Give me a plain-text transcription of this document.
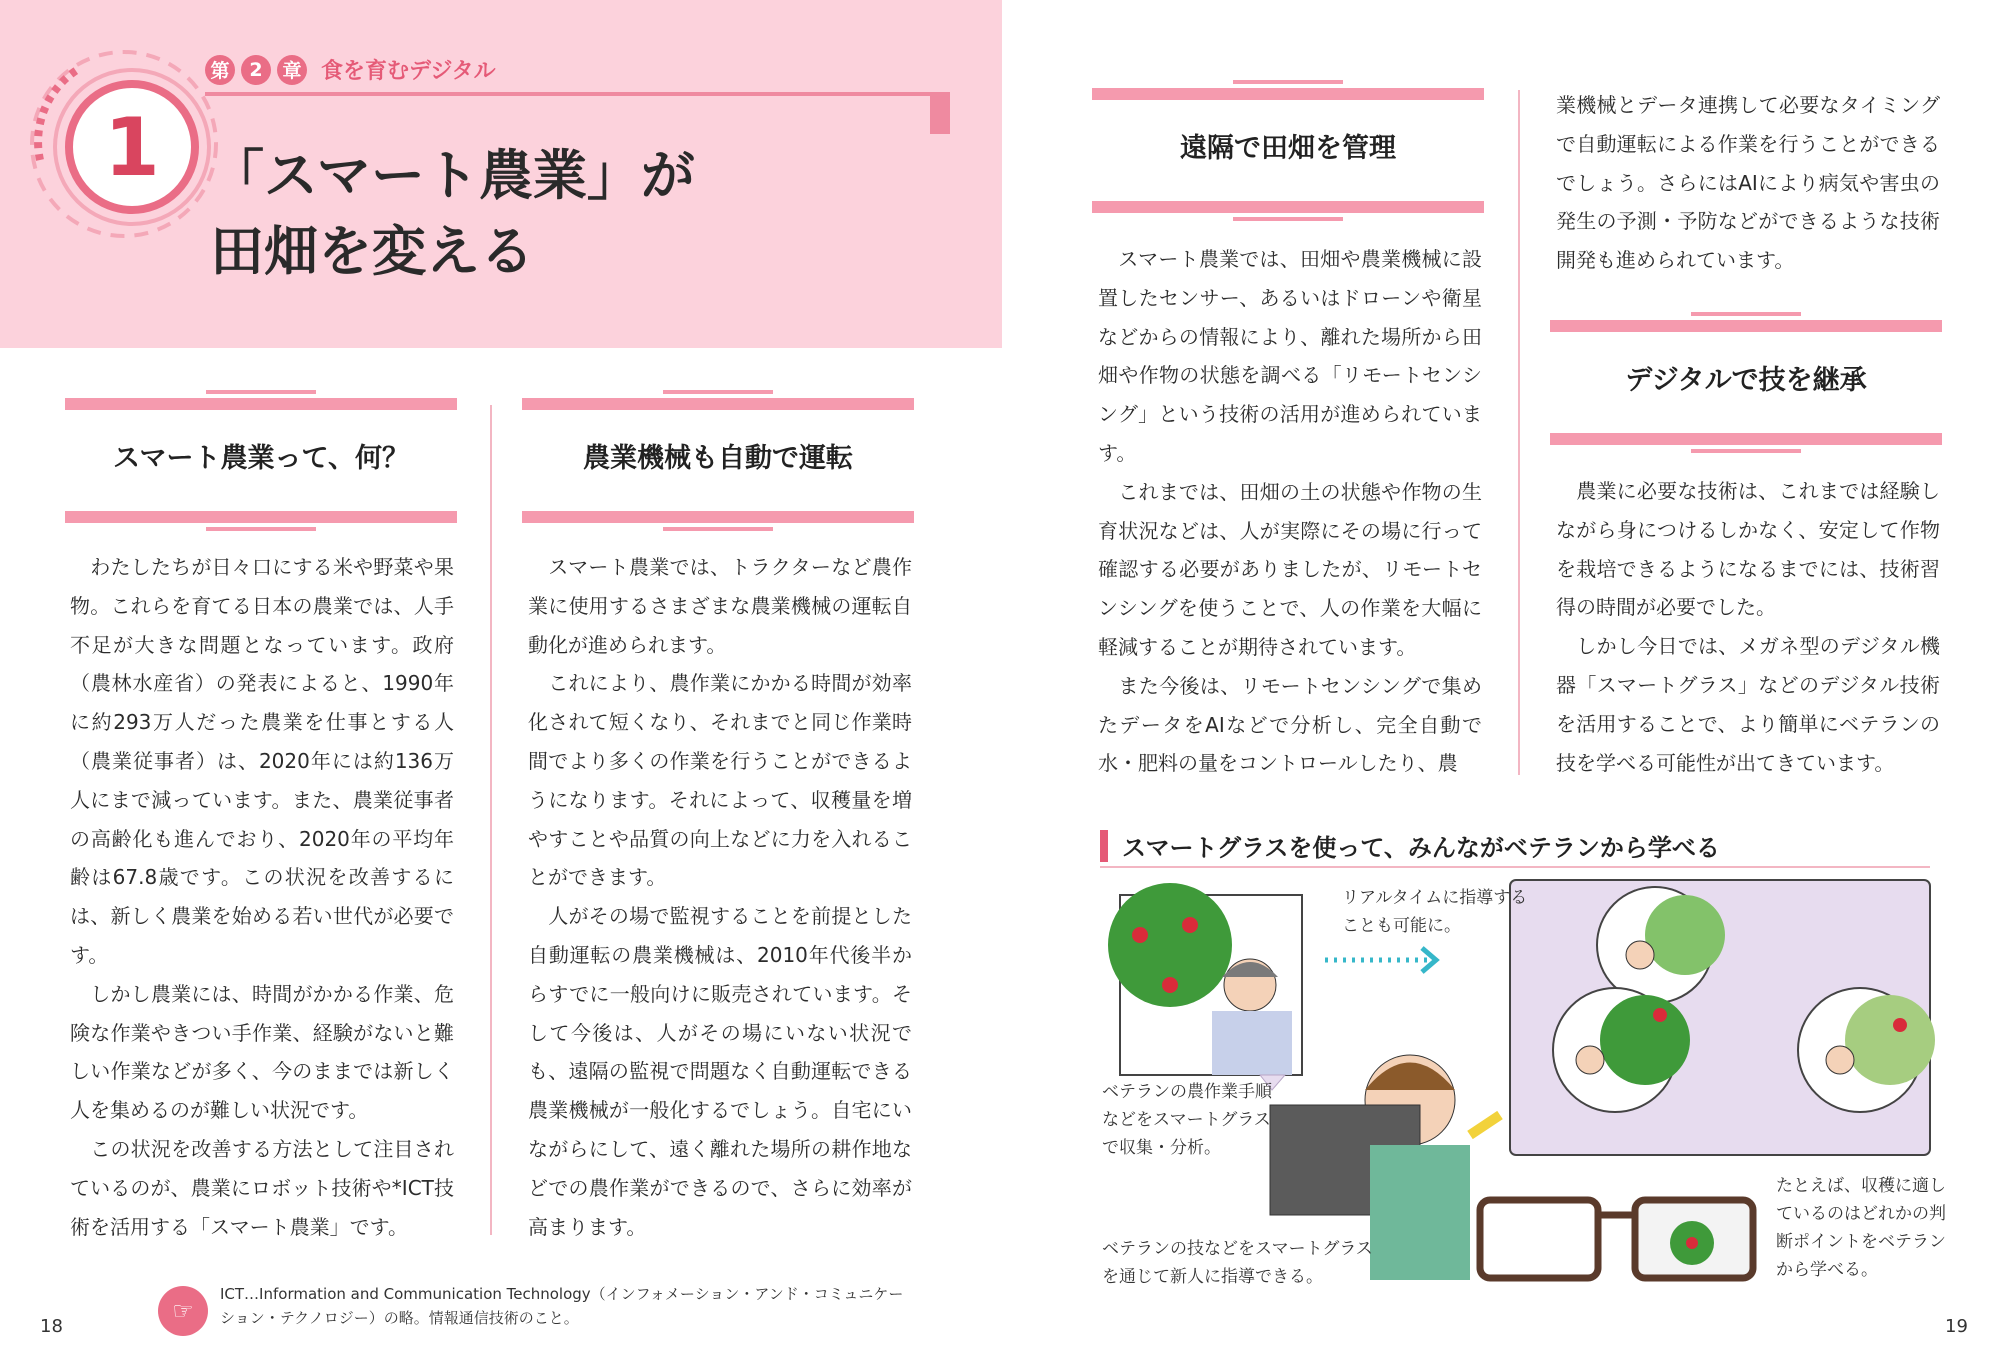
1
第	2	章 食を育むデジタル
「スマート農業」が
田畑を変える
スマート農業って、何？
　わたしたちが日々口にする米や野菜や果物。これらを育てる日本の農業では、人手不足が大きな問題となっています。政府（農林水産省）の発表によると、1990年に約293万人だった農業を仕事とする人（農業従事者）は、2020年には約136万人にまで減っています。また、農業従事者の高齢化も進んでおり、2020年の平均年齢は67.8歳です。この状況を改善するには、新しく農業を始める若い世代が必要です。
　しかし農業には、時間がかかる作業、危険な作業やきつい手作業、経験がないと難しい作業などが多く、今のままでは新しく人を集めるのが難しい状況です。
　この状況を改善する方法として注目されているのが、農業にロボット技術や*ICT技術を活用する「スマート農業」です。
農業機械も自動で運転
　スマート農業では、トラクターなど農作業に使用するさまざまな農業機械の運転自動化が進められます。
　これにより、農作業にかかる時間が効率化されて短くなり、それまでと同じ作業時間でより多くの作業を行うことができるようになります。それによって、収穫量を増やすことや品質の向上などに力を入れることができます。
　人がその場で監視することを前提とした自動運転の農業機械は、2010年代後半からすでに一般向けに販売されています。そして今後は、人がその場にいない状況でも、遠隔の監視で問題なく自動運転できる農業機械が一般化するでしょう。自宅にいながらにして、遠く離れた場所の耕作地などでの農作業ができるので、さらに効率が高まります。
遠隔で田畑を管理
　スマート農業では、田畑や農業機械に設置したセンサー、あるいはドローンや衛星などからの情報により、離れた場所から田畑や作物の状態を調べる「リモートセンシング」という技術の活用が進められています。
　これまでは、田畑の土の状態や作物の生育状況などは、人が実際にその場に行って確認する必要がありましたが、リモートセンシングを使うことで、人の作業を大幅に軽減することが期待されています。
　また今後は、リモートセンシングで集めたデータをAIなどで分析し、完全自動で水・肥料の量をコントロールしたり、農
業機械とデータ連携して必要なタイミングで自動運転による作業を行うことができるでしょう。さらにはAIにより病気や害虫の発生の予測・予防などができるような技術開発も進められています。
デジタルで技を継承
　農業に必要な技術は、これまでは経験しながら身につけるしかなく、安定して作物を栽培できるようになるまでには、技術習得の時間が必要でした。
　しかし今日では、メガネ型のデジタル機器「スマートグラス」などのデジタル技術を活用することで、より簡単にベテランの技を学べる可能性が出てきています。
スマートグラスを使って、みんながベテランから学べる
リアルタイムに指導することも可能に。
ベテランの農作業手順などをスマートグラスで収集・分析。
ベテランの技などをスマートグラスを通じて新人に指導できる。
たとえば、収穫に適しているのはどれかの判断ポイントをベテランから学べる。
☞
ICT…Information and Communication Technology（インフォメーション・アンド・コミュニケーション・テクノロジー）の略。情報通信技術のこと。
18	19
